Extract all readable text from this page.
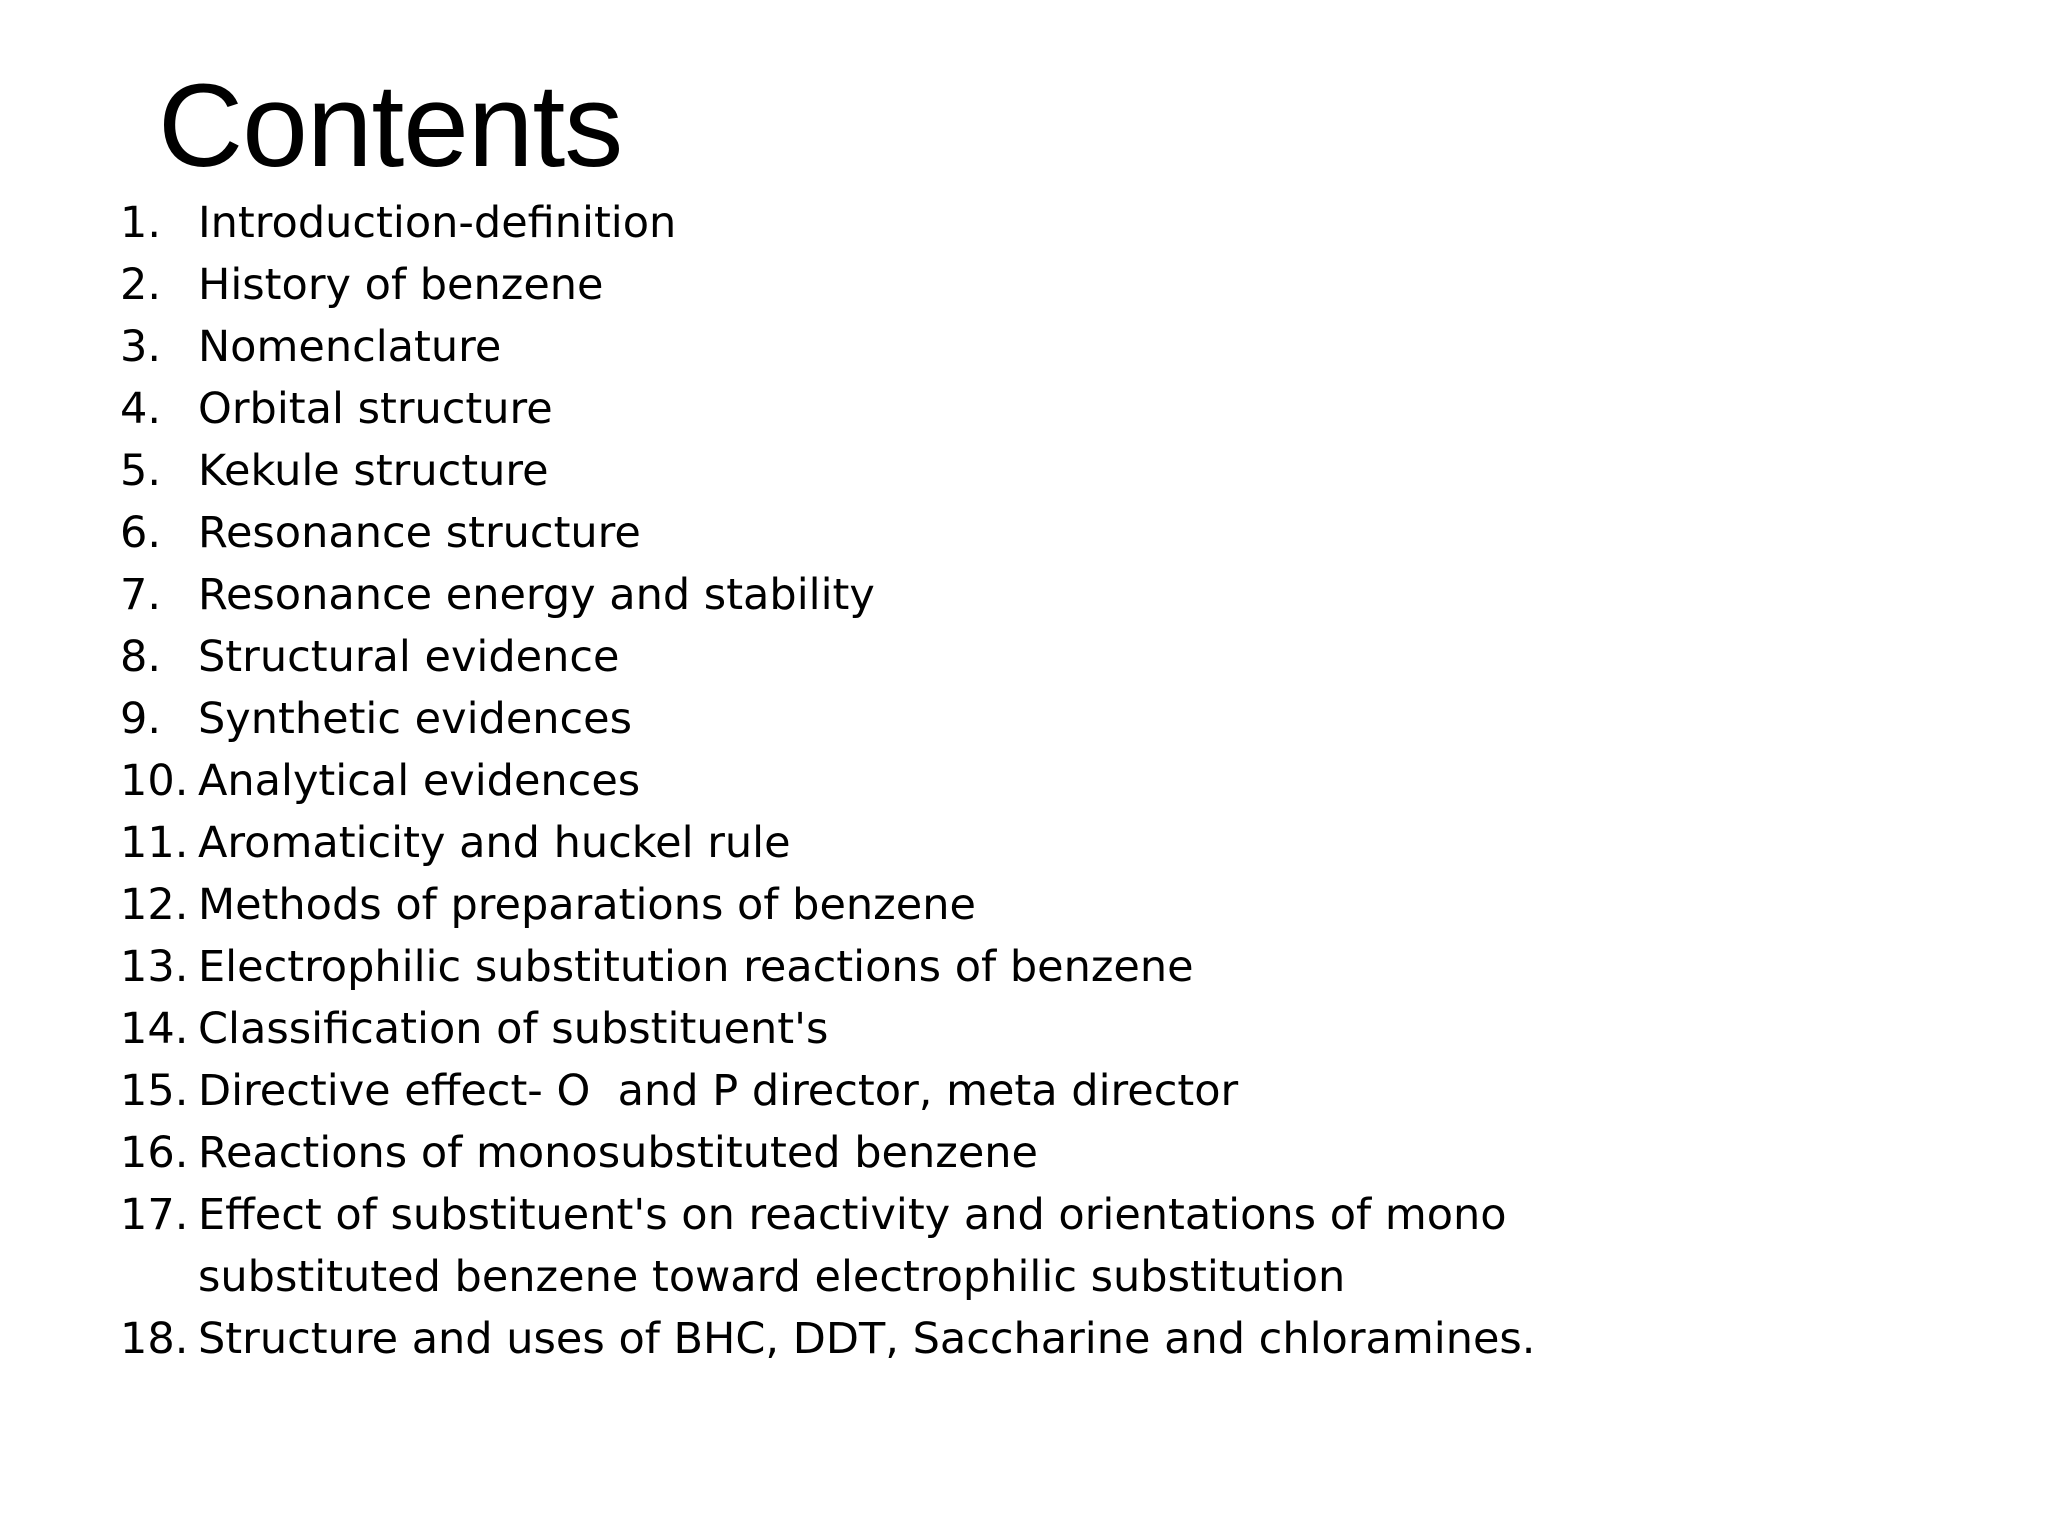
Contents
1. Introduction-definition
2. History of benzene
3. Nomenclature
4. Orbital structure
5. Kekule structure
6. Resonance structure
7. Resonance energy and stability
8. Structural evidence
9. Synthetic evidences
10. Analytical evidences
11. Aromaticity and huckel rule
12. Methods of preparations of benzene
13. Electrophilic substitution reactions of benzene
14. Classification of substituent's
15. Directive effect- O  and P director, meta director
16. Reactions of monosubstituted benzene
17. Effect of substituent's on reactivity and orientations of mono substituted benzene toward electrophilic substitution
18. Structure and uses of BHC, DDT, Saccharine and chloramines.
